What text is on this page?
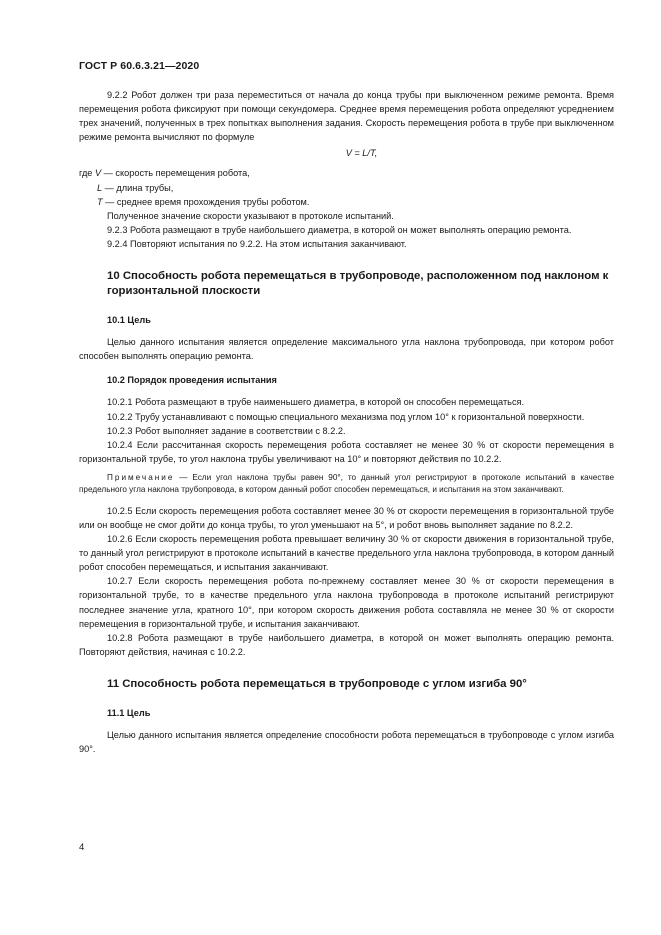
ГОСТ Р 60.6.3.21—2020

9.2.2 Робот должен три раза переместиться от начала до конца трубы при выключенном режиме ремонта. Время перемещения робота фиксируют при помощи секундомера. Среднее время перемещения робота определяют усреднением трех значений, полученных в трех попытках выполнения задания. Скорость перемещения робота в трубе при выключенном режиме ремонта вычисляют по формуле

V = L/T,

где V — скорость перемещения робота,

L — длина трубы,

T — среднее время прохождения трубы роботом.

Полученное значение скорости указывают в протоколе испытаний.

9.2.3 Робота размещают в трубе наибольшего диаметра, в которой он может выполнять операцию ремонта.

9.2.4 Повторяют испытания по 9.2.2. На этом испытания заканчивают.

10 Способность робота перемещаться в трубопроводе, расположенном под наклоном к горизонтальной плоскости

10.1 Цель

Целью данного испытания является определение максимального угла наклона трубопровода, при котором робот способен выполнять операцию ремонта.

10.2 Порядок проведения испытания

10.2.1 Робота размещают в трубе наименьшего диаметра, в которой он способен перемещаться.

10.2.2 Трубу устанавливают с помощью специального механизма под углом 10° к горизонтальной поверхности.

10.2.3 Робот выполняет задание в соответствии с 8.2.2.

10.2.4 Если рассчитанная скорость перемещения робота составляет не менее 30 % от скорости перемещения в горизонтальной трубе, то угол наклона трубы увеличивают на 10° и повторяют действия по 10.2.2.

Примечание — Если угол наклона трубы равен 90°, то данный угол регистрируют в протоколе испытаний в качестве предельного угла наклона трубопровода, в котором данный робот способен перемещаться, и испытания на этом заканчивают.

10.2.5 Если скорость перемещения робота составляет менее 30 % от скорости перемещения в горизонтальной трубе или он вообще не смог дойти до конца трубы, то угол уменьшают на 5°, и робот вновь выполняет задание по 8.2.2.

10.2.6 Если скорость перемещения робота превышает величину 30 % от скорости движения в горизонтальной трубе, то данный угол регистрируют в протоколе испытаний в качестве предельного угла наклона трубопровода, в котором данный робот способен перемещаться, и испытания заканчивают.

10.2.7 Если скорость перемещения робота по-прежнему составляет менее 30 % от скорости перемещения в горизонтальной трубе, то в качестве предельного угла наклона трубопровода в протоколе испытаний регистрируют последнее значение угла, кратного 10°, при котором скорость движения робота составляла не менее 30 % от скорости перемещения в горизонтальной трубе, и испытания заканчивают.

10.2.8 Робота размещают в трубе наибольшего диаметра, в которой он может выполнять операцию ремонта. Повторяют действия, начиная с 10.2.2.

11 Способность робота перемещаться в трубопроводе с углом изгиба 90°

11.1 Цель

Целью данного испытания является определение способности робота перемещаться в трубопроводе с углом изгиба 90°.

4
